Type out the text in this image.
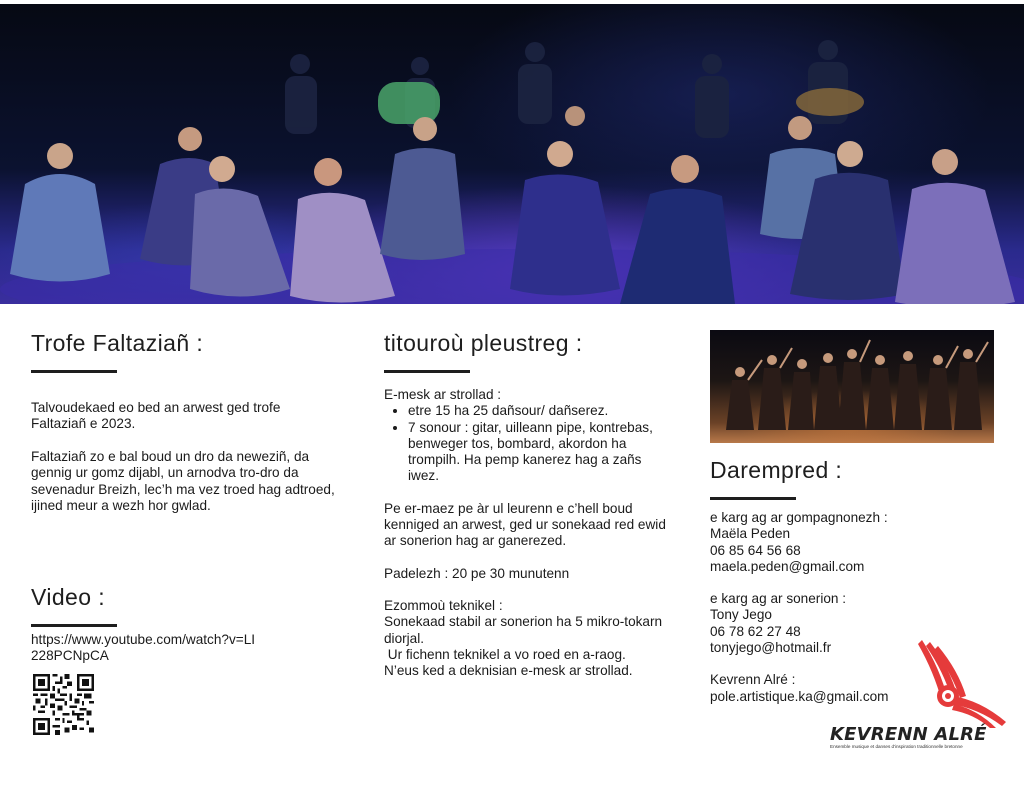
Trofe Faltaziañ :

Talvoudekaed eo bed an arwest ged trofe Faltaziañ e 2023.

Faltaziañ zo e bal boud un dro da neweziñ, da gennig ur gomz dijabl, un arnodva tro-dro da sevenadur Breizh, lec’h ma vez troed hag adtroed, ijined meur a wezh hor gwlad.

Video :

https://www.youtube.com/watch?v=LI228PCNpCA

titouroù pleustreg :

E-mesk ar strollad :

• etre 15 ha 25 dañsour/ dañserez.
• 7 sonour : gitar, uilleann pipe, kontrebas, benweger tos, bombard, akordon ha trompilh. Ha pemp kanerez hag a zañs iwez.

Pe er-maez pe àr ul leurenn e c’hell boud kenniged an arwest, ged ur sonekaad red ewid ar sonerion hag ar ganerezed.

Padelezh : 20 pe 30 munutenn

Ezommoù teknikel :

Sonekaad stabil ar sonerion ha 5 mikro-tokarn diorjal.

Ur fichenn teknikel a vo roed en a-raog.

N’eus ked a deknisian e-mesk ar strollad.

Darempred :

e karg ag ar gompagnonezh :

Maëla Peden

06 85 64 56 68

maela.peden@gmail.com

e karg ag ar sonerion :

Tony Jego

06 78 62 27 48

tonyjego@hotmail.fr

Kevrenn Alré :

pole.artistique.ka@gmail.com

KEVRENN ALRÉ
Ensemble musique et danses d'inspiration traditionnelle bretonne
